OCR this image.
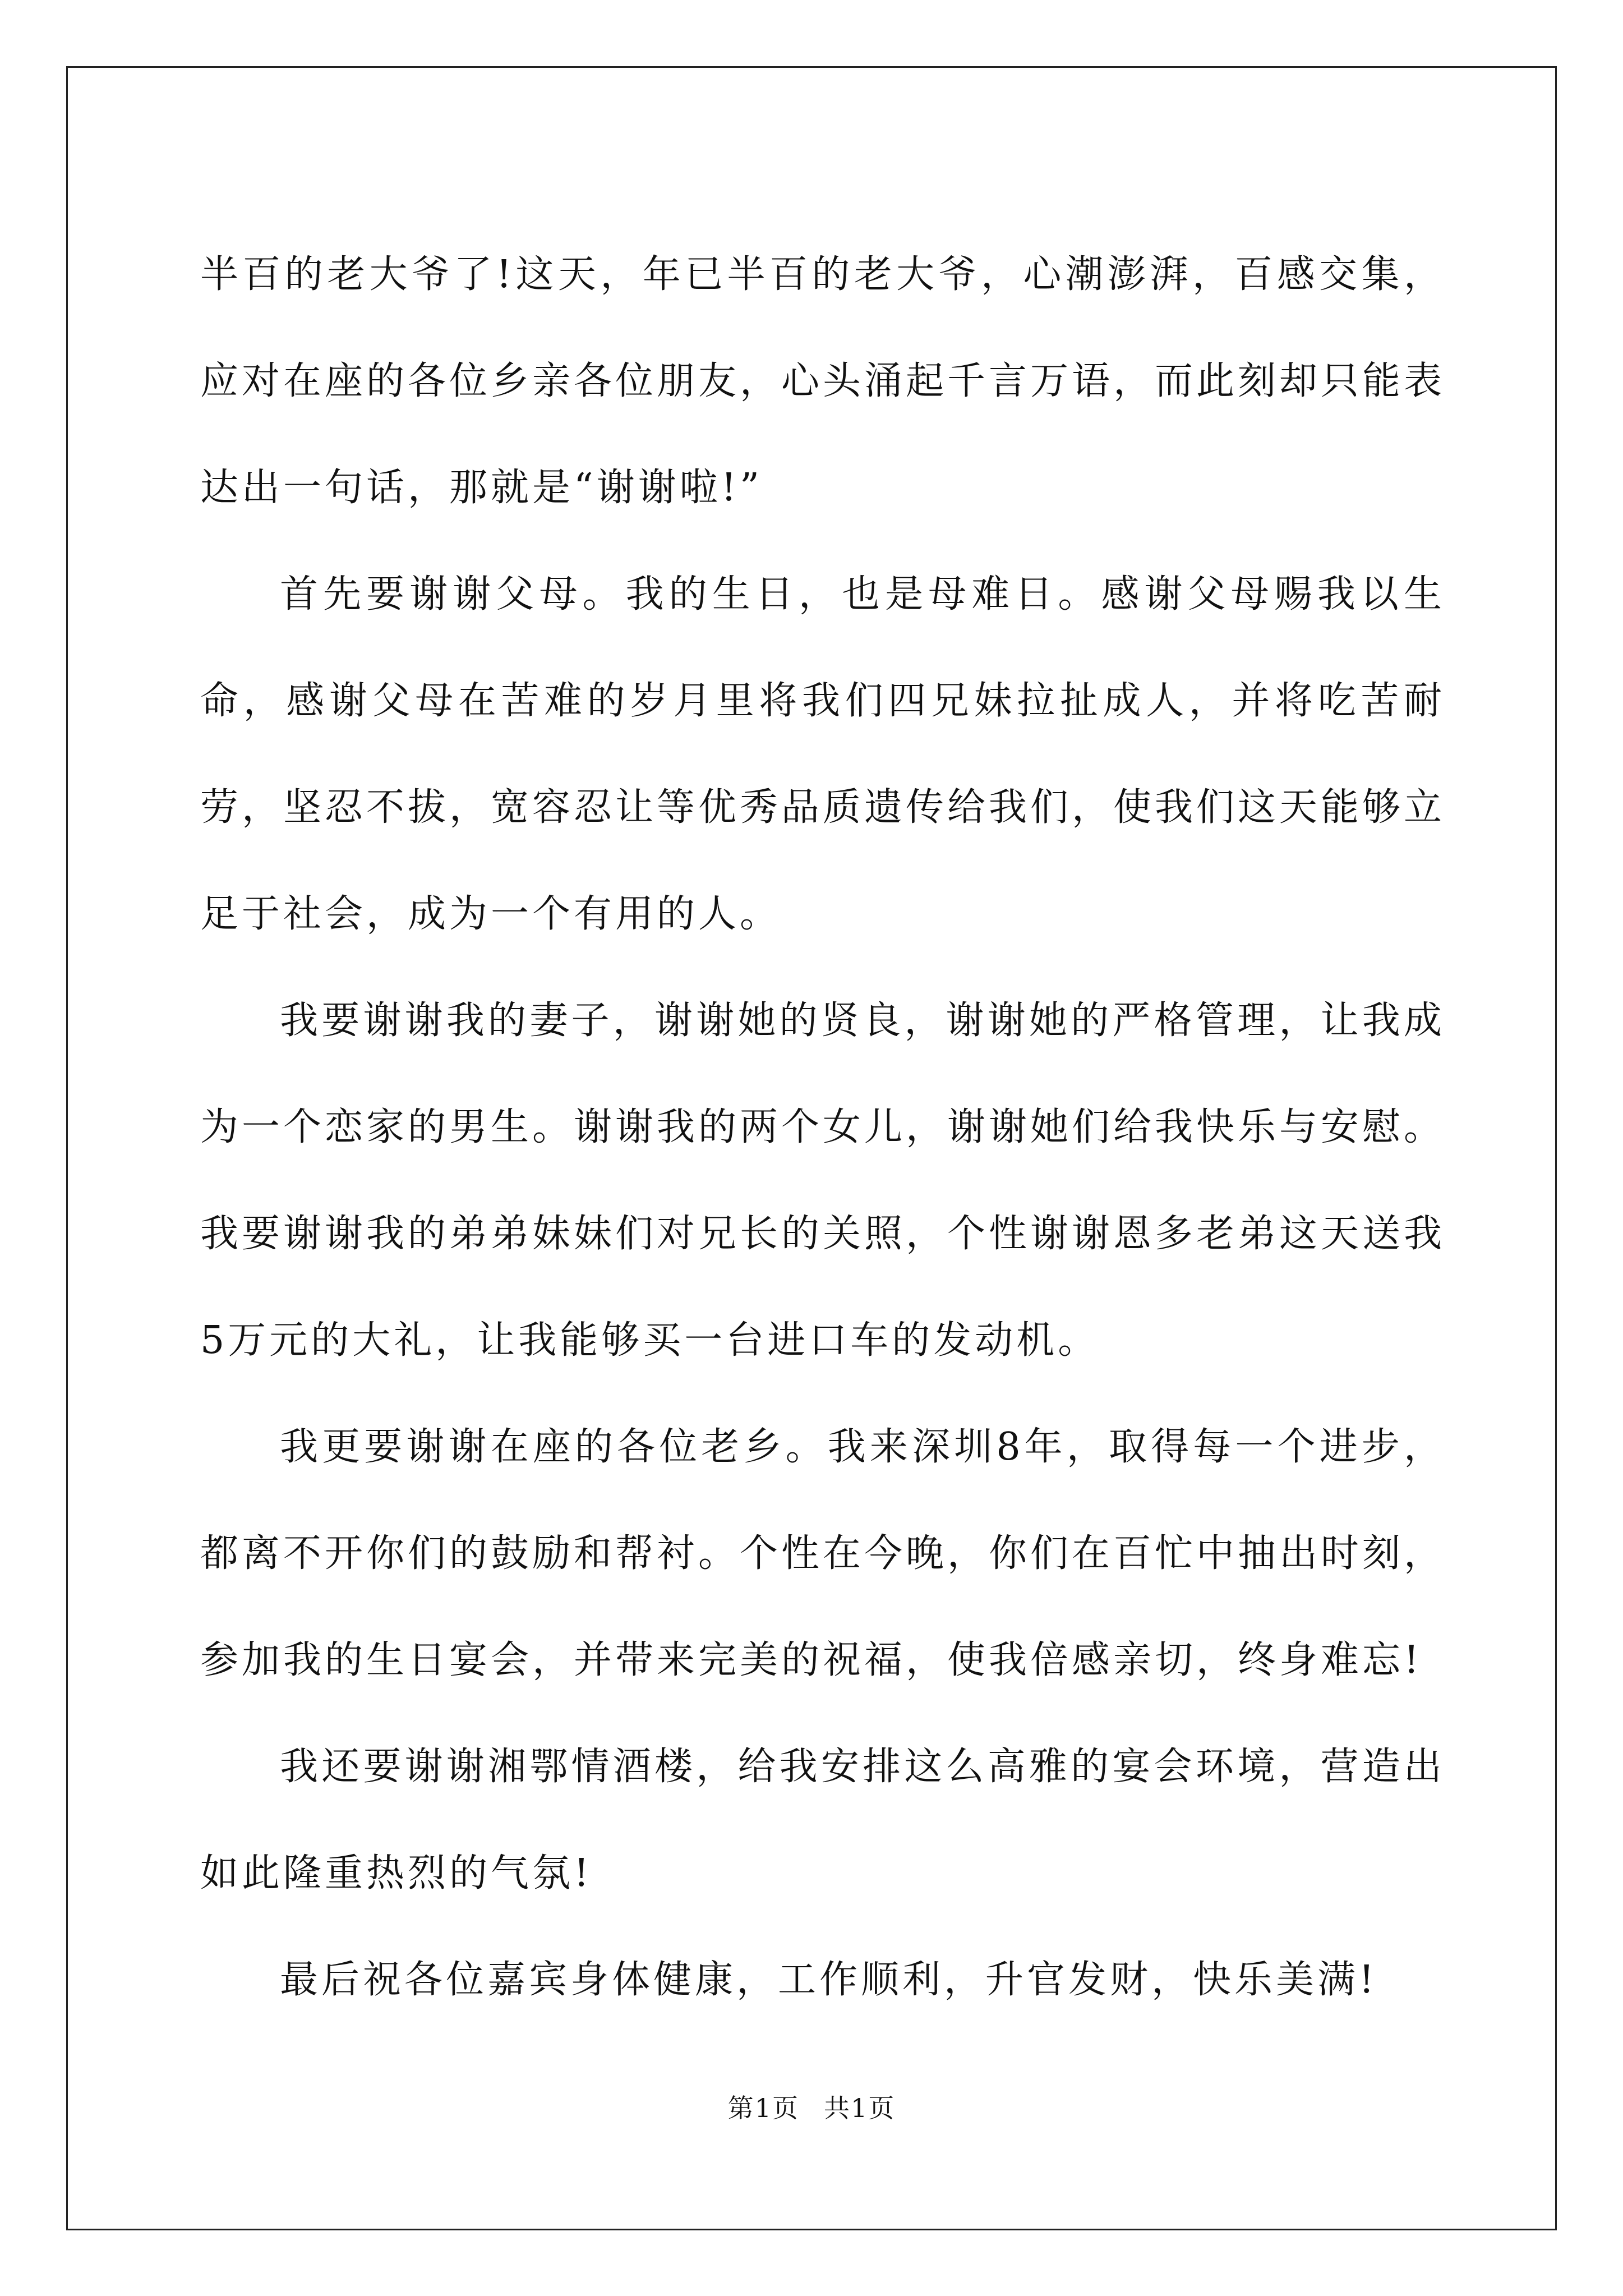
半百的老大爷了!这天，年已半百的老大爷，心潮澎湃，百感交集，应对在座的各位乡亲各位朋友，心头涌起千言万语，而此刻却只能表达出一句话，那就是“谢谢啦!”

首先要谢谢父母。我的生日，也是母难日。感谢父母赐我以生命，感谢父母在苦难的岁月里将我们四兄妹拉扯成人，并将吃苦耐劳，坚忍不拔，宽容忍让等优秀品质遗传给我们，使我们这天能够立足于社会，成为一个有用的人。

我要谢谢我的妻子，谢谢她的贤良，谢谢她的严格管理，让我成为一个恋家的男生。谢谢我的两个女儿，谢谢她们给我快乐与安慰。我要谢谢我的弟弟妹妹们对兄长的关照，个性谢谢恩多老弟这天送我5万元的大礼，让我能够买一台进口车的发动机。

我更要谢谢在座的各位老乡。我来深圳8年，取得每一个进步，都离不开你们的鼓励和帮衬。个性在今晚，你们在百忙中抽出时刻，参加我的生日宴会，并带来完美的祝福，使我倍感亲切，终身难忘!

我还要谢谢湘鄂情酒楼，给我安排这么高雅的宴会环境，营造出如此隆重热烈的气氛!

最后祝各位嘉宾身体健康，工作顺利，升官发财，快乐美满!

第1页 共1页
